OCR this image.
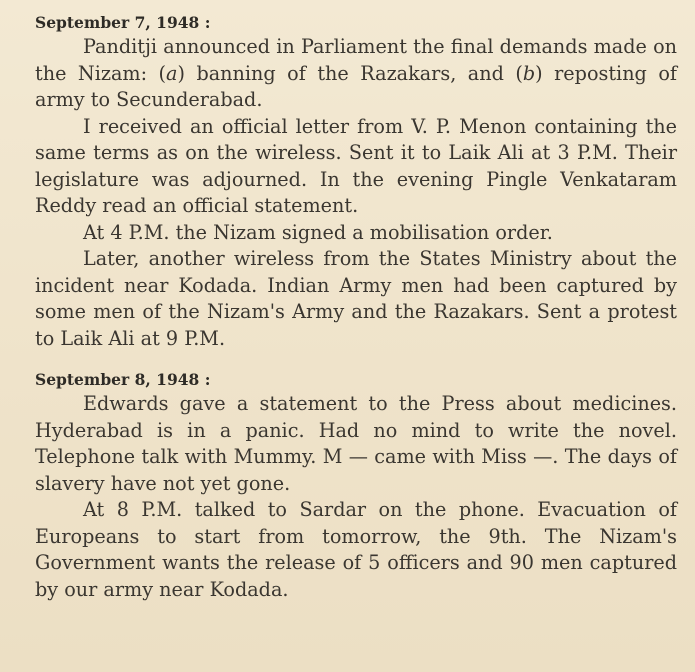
September 7, 1948 :

Panditji announced in Parliament the final demands made on the Nizam: (a) banning of the Razakars, and (b) reposting of army to Secunderabad.

I received an official letter from V. P. Menon containing the same terms as on the wireless. Sent it to Laik Ali at 3 P.M. Their legislature was adjourned. In the evening Pingle Venkataram Reddy read an official statement.

At 4 P.M. the Nizam signed a mobilisation order.

Later, another wireless from the States Ministry about the incident near Kodada. Indian Army men had been captured by some men of the Nizam's Army and the Razakars. Sent a protest to Laik Ali at 9 P.M.

September 8, 1948 :

Edwards gave a statement to the Press about medicines. Hyderabad is in a panic. Had no mind to write the novel. Telephone talk with Mummy. M — came with Miss —. The days of slavery have not yet gone.

At 8 P.M. talked to Sardar on the phone. Evacuation of Europeans to start from tomorrow, the 9th. The Nizam's Government wants the release of 5 officers and 90 men captured by our army near Kodada.
